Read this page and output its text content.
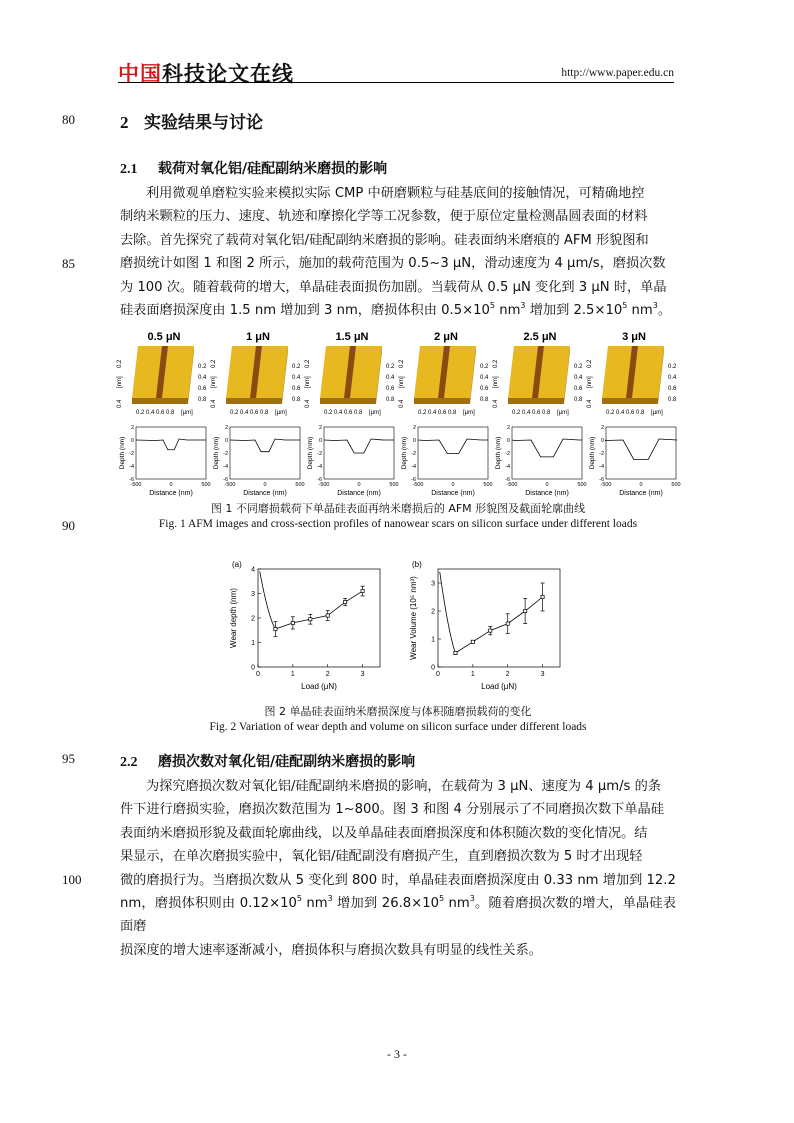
中国科技论文在线	http://www.paper.edu.cn
80
85
90
95
100
2 实验结果与讨论
2.1 载荷对氧化铝/硅配副纳米磨损的影响
利用微观单磨粒实验来模拟实际 CMP 中研磨颗粒与硅基底间的接触情况，可精确地控
制纳米颗粒的压力、速度、轨迹和摩擦化学等工况参数，便于原位定量检测晶圆表面的材料
去除。首先探究了载荷对氧化铝/硅配副纳米磨损的影响。硅表面纳米磨痕的 AFM 形貌图和
磨损统计如图 1 和图 2 所示，施加的载荷范围为 0.5~3 μN，滑动速度为 4 μm/s，磨损次数
为 100 次。随着载荷的增大，单晶硅表面损伤加剧。当载荷从 0.5 μN 变化到 3 μN 时，单晶
硅表面磨损深度由 1.5 nm 增加到 3 nm，磨损体积由 $0.5\times 10^5$ $nm^3$ 增加到 $2.5\times 10^5$ $nm^3$。
0.5 μN
0.4
[nm]
0.2	0.2
0.4
0.6
0.8
0.2 0.4 0.6 0.8 [μm]
1 μN
0.4
[nm]
0.2	0.2
0.4
0.6
0.8
0.2 0.4 0.6 0.8 [μm]
1.5 μN
0.4
[nm]
0.2	0.2
0.4
0.6
0.8
0.2 0.4 0.6 0.8 [μm]
2 μN
0.4
[nm]
0.2	0.2
0.4
0.6
0.8
0.2 0.4 0.6 0.8 [μm]
2.5 μN
0.4
[nm]
0.2	0.2
0.4
0.6
0.8
0.2 0.4 0.6 0.8 [μm]
3 μN
0.4
[nm]
0.2	0.2
0.4
0.6
0.8
0.2 0.4 0.6 0.8 [μm]
2
0
-2
-4
-6
Depth (nm)
-500	0	500
Distance (nm)
2
0
-2
-4
-6
Depth (nm)
-500	0	500
Distance (nm)
2
0
-2
-4
-6
Depth (nm)
-500	0	500
Distance (nm)
2
0
-2
-4
-6
Depth (nm)
-500	0	500
Distance (nm)
2
0
-2
-4
-6
Depth (nm)
-500	0	500
Distance (nm)
2
0
-2
-4
-6
Depth (nm)
-500	0	500
Distance (nm)
图 1 不同磨损载荷下单晶硅表面再纳米磨损后的 AFM 形貌图及截面轮廓曲线
Fig. 1 AFM images and cross-section profiles of nanowear scars on silicon surface under different loads
(a)
0
1
2
3
4
0	1	2	3
Load (μN)
Wear depth (nm)
(b)
0
1
2
3
0	1	2	3
Load (μN)
Wear Volume (10⁵ nm³)
图 2 单晶硅表面纳米磨损深度与体积随磨损载荷的变化
Fig. 2 Variation of wear depth and volume on silicon surface under different loads
2.2 磨损次数对氧化铝/硅配副纳米磨损的影响
为探究磨损次数对氧化铝/硅配副纳米磨损的影响，在载荷为 3 μN、速度为 4 μm/s 的条
件下进行磨损实验，磨损次数范围为 1~800。图 3 和图 4 分别展示了不同磨损次数下单晶硅
表面纳米磨损形貌及截面轮廓曲线，以及单晶硅表面磨损深度和体积随次数的变化情况。结
果显示，在单次磨损实验中，氧化铝/硅配副没有磨损产生，直到磨损次数为 5 时才出现轻
微的磨损行为。当磨损次数从 5 变化到 800 时，单晶硅表面磨损深度由 0.33 nm 增加到 12.2
nm，磨损体积则由 $0.12\times 10^5$ $nm^3$ 增加到 $26.8\times 10^5$ $nm^3$。随着磨损次数的增大，单晶硅表面磨
损深度的增大速率逐渐减小，磨损体积与磨损次数具有明显的线性关系。
- 3 -
